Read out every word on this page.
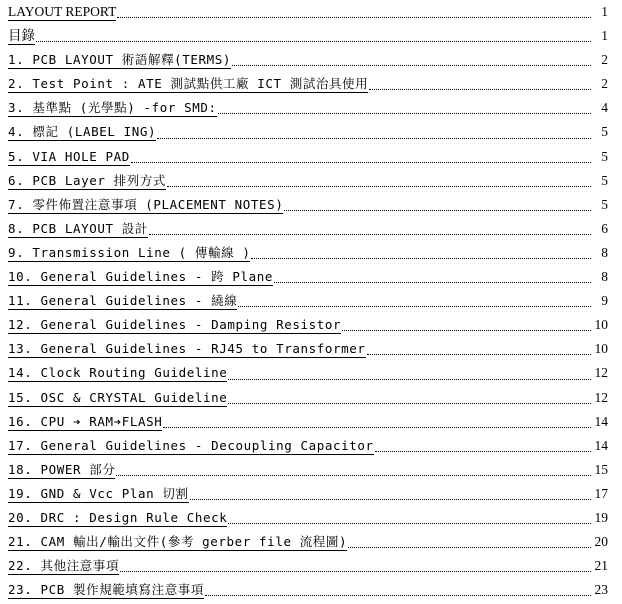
LAYOUT REPORT	1
目錄	1
1. PCB LAYOUT 術語解釋(TERMS)	2
2. Test Point : ATE 測試點供工廠 ICT 測試治具使用	2
3. 基準點 (光學點) -for SMD:	4
4. 標記 (LABEL ING)	5
5. VIA HOLE PAD	5
6. PCB Layer 排列方式	5
7. 零件佈置注意事項 (PLACEMENT NOTES)	5
8. PCB LAYOUT 設計	6
9. Transmission Line ( 傳輸線 )	8
10. General Guidelines - 跨 Plane	8
11. General Guidelines - 繞線	9
12. General Guidelines - Damping Resistor	10
13. General Guidelines - RJ45 to Transformer	10
14. Clock Routing Guideline	12
15. OSC & CRYSTAL Guideline	12
16. CPU ➔ RAM➔FLASH	14
17. General Guidelines - Decoupling Capacitor	14
18. POWER 部分	15
19. GND & Vcc Plan 切割	17
20. DRC : Design Rule Check	19
21. CAM 輸出/輸出文件(參考 gerber file 流程圖)	20
22. 其他注意事項	21
23. PCB 製作規範填寫注意事項	23
